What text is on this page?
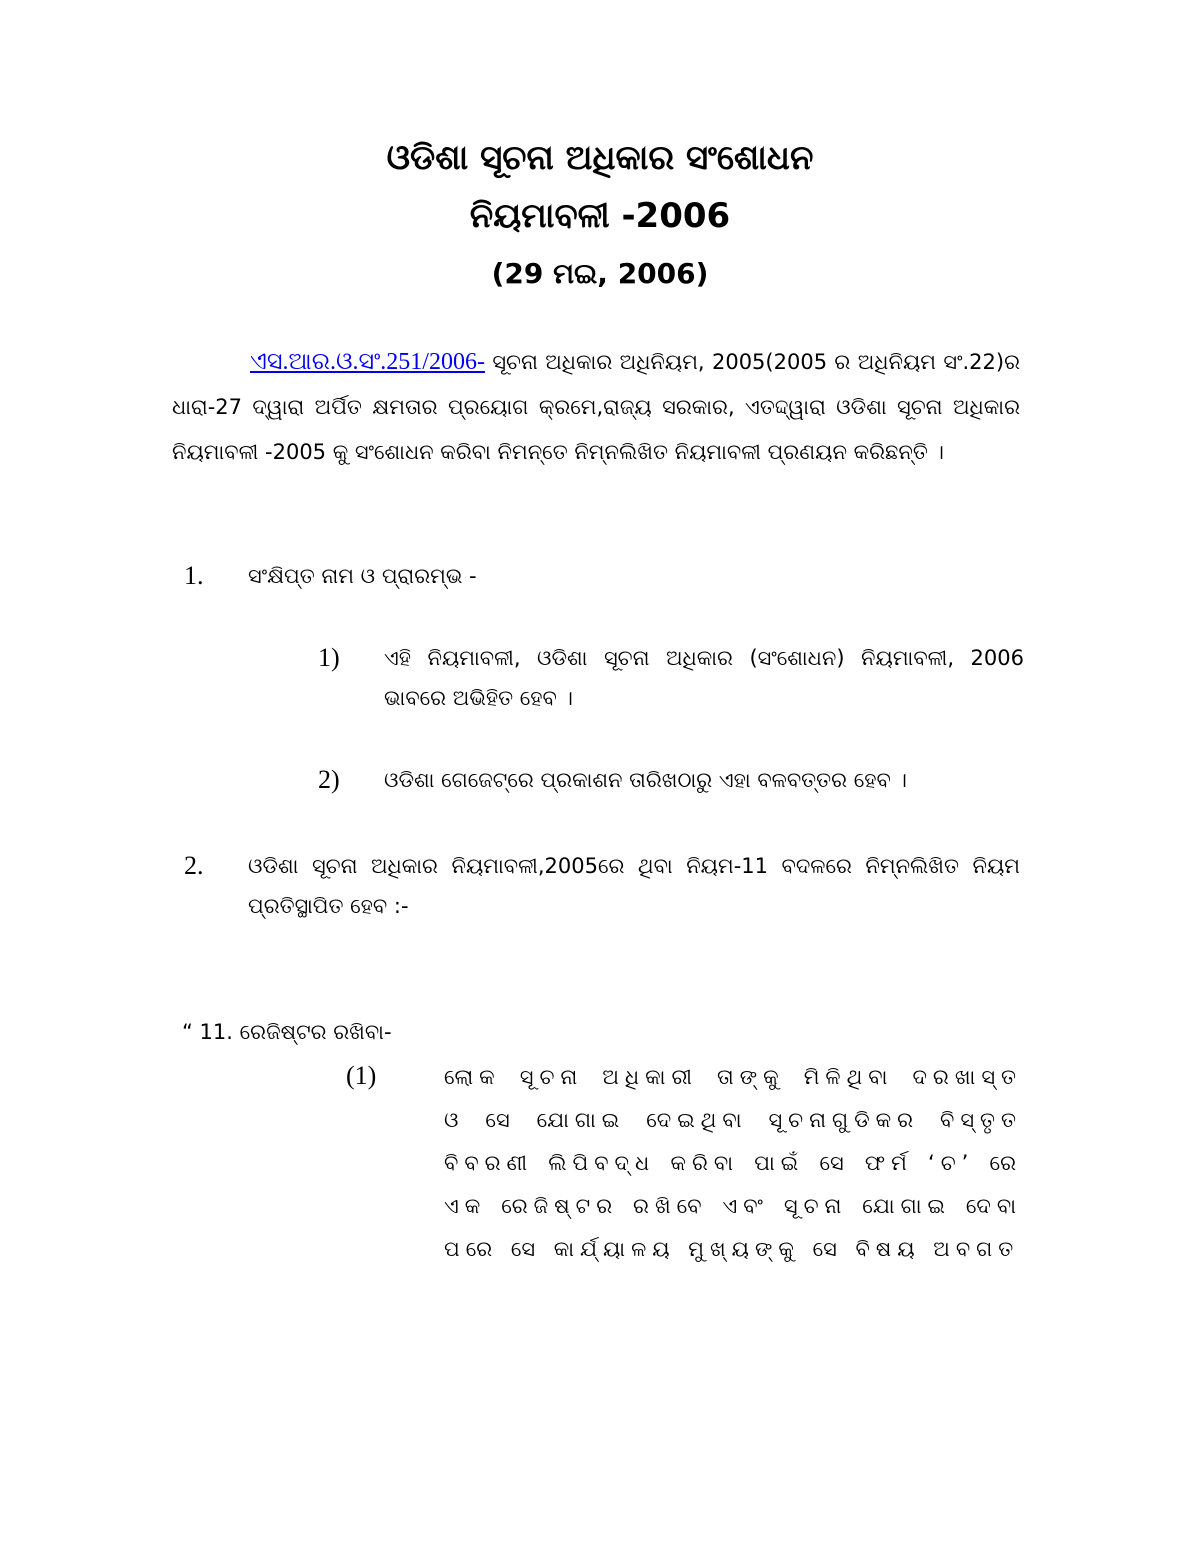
ଓଡିଶା ସୂଚନା ଅଧିକାର ସଂଶୋଧନ
ନିୟମାବଳୀ -2006
(29 ମଇ, 2006)
ଏସ.ଆର.ଓ.ସଂ.251/2006- ସୂଚନା ଅଧିକାର ଅଧିନିୟମ, 2005(2005 ର ଅଧିନିୟମ ସଂ.22)ର ଧାରା-27 ଦ୍ୱାରା ଅର୍ପିତ କ୍ଷମତାର ପ୍ରୟୋଗ କ୍ରମେ,ରାଜ୍ୟ ସରକାର, ଏତଦ୍ଦ୍ୱାରା ଓଡିଶା ସୂଚନା ଅଧିକାର ନିୟମାବଳୀ -2005 କୁ ସଂଶୋଧନ କରିବା ନିମନ୍ତେ ନିମ୍ନଲିଖିତ ନିୟମାବଳୀ ପ୍ରଣୟନ କରିଛନ୍ତି ।
1. ସଂକ୍ଷିପ୍ତ ନାମ ଓ ପ୍ରାରମ୍ଭ -
1) ଏହି ନିୟମାବଳୀ, ଓଡିଶା ସୂଚନା ଅଧିକାର (ସଂଶୋଧନ) ନିୟମାବଳୀ, 2006 ଭାବରେ ଅଭିହିତ ହେବ ।
2) ଓଡିଶା ଗେଜେଟ୍‌ରେ ପ୍ରକାଶନ ତାରିଖଠାରୁ ଏହା ବଳବତ୍ତର ହେବ ।
2. ଓଡିଶା ସୂଚନା ଅଧିକାର ନିୟମାବଳୀ,2005ରେ ଥିବା ନିୟମ-11 ବଦଳରେ ନିମ୍ନଲିଖିତ ନିୟମ ପ୍ରତିସ୍ଥାପିତ ହେବ :-
“ 11. ରେଜିଷ୍ଟର ରଖିବା-
(1)	ଲୋକ ସୂଚନା ଅଧିକାରୀ ତାଙ୍କୁ ମିଳିଥିବା ଦରଖାସ୍ତ ଓ ସେ ଯୋଗାଇ ଦେଇଥିବା ସୂଚନାଗୁଡିକର ବିସ୍ତୃତ ବିବରଣୀ ଲିପିବଦ୍ଧ କରିବା ପାଇଁ ସେ ଫର୍ମ ‘ଚ’ ରେ ଏକ ରେଜିଷ୍ଟର ରଖିବେ ଏବଂ ସୂଚନା ଯୋଗାଇ ଦେବା ପରେ ସେ କାର୍ଯ୍ୟାଳୟ ମୁଖ୍ୟଙ୍କୁ ସେ ବିଷୟ ଅବଗତ
